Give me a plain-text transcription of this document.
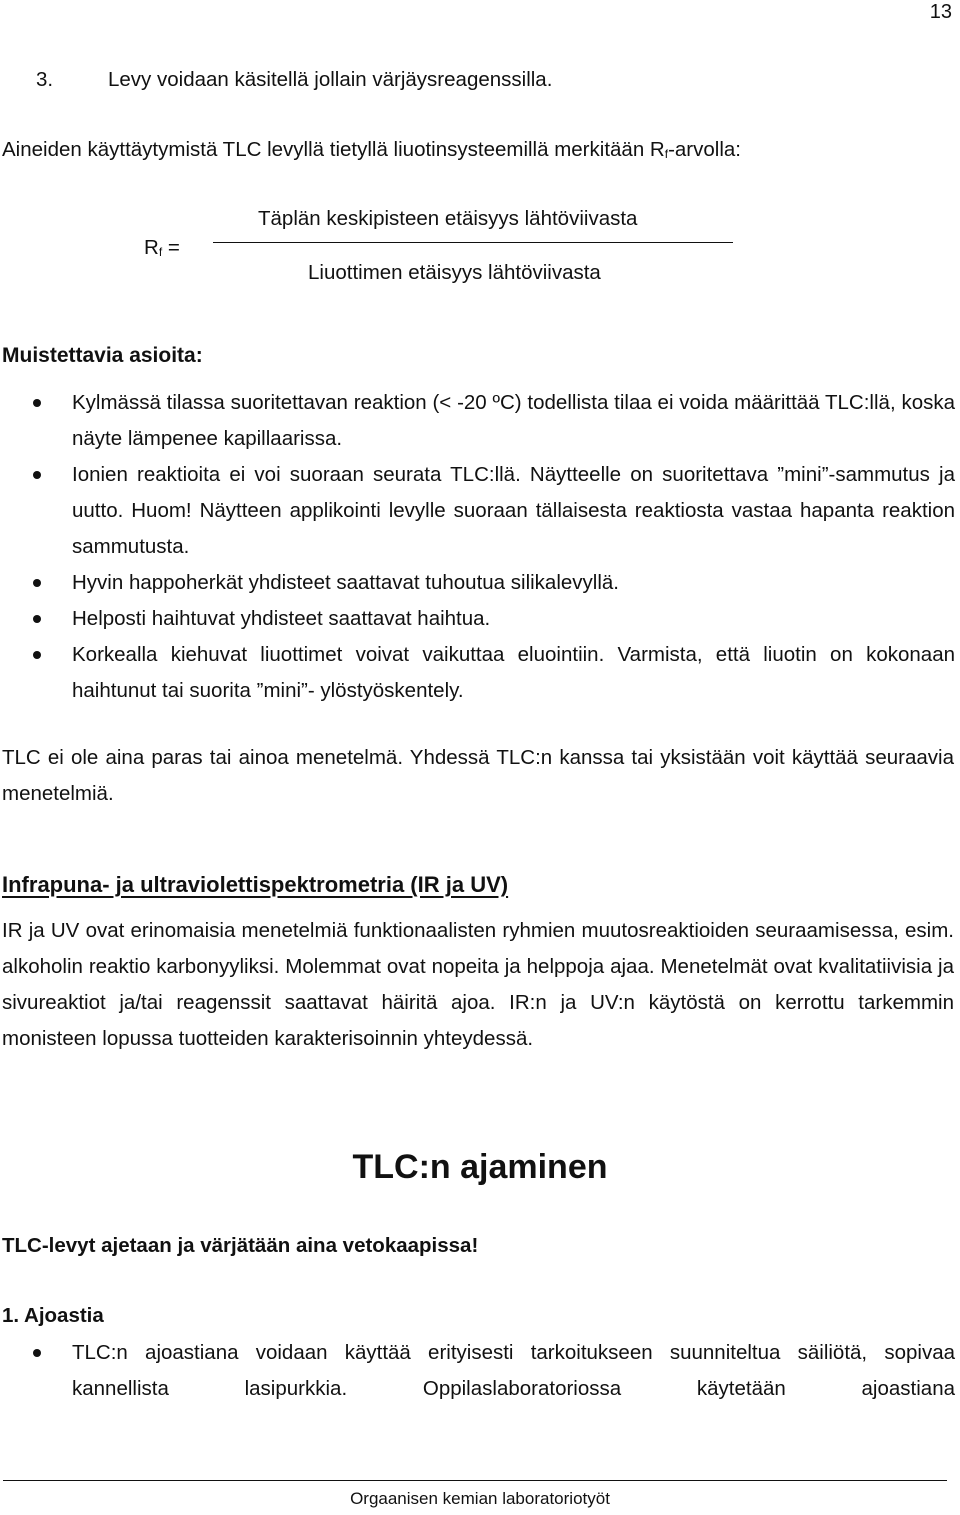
13
3.	Levy voidaan käsitellä jollain värjäysreagenssilla.
Aineiden käyttäytymistä TLC levyllä tietyllä liuotinsysteemillä merkitään $R_f$-arvolla:
$R_f$ =
Täplän keskipisteen etäisyys lähtöviivasta
Liuottimen etäisyys lähtöviivasta
Muistettavia asioita:
Kylmässä tilassa suoritettavan reaktion (< -20 ºC) todellista tilaa ei voida määrittää TLC:llä, koska näyte lämpenee kapillaarissa.
Ionien reaktioita ei voi suoraan seurata TLC:llä. Näytteelle on suoritettava ”mini”-sammutus ja uutto. Huom! Näytteen applikointi levylle suoraan tällaisesta reaktiosta vastaa hapanta reaktion sammutusta.
Hyvin happoherkät yhdisteet saattavat tuhoutua silikalevyllä.
Helposti haihtuvat yhdisteet saattavat haihtua.
Korkealla kiehuvat liuottimet voivat vaikuttaa eluointiin. Varmista, että liuotin on kokonaan haihtunut tai suorita ”mini”- ylöstyöskentely.
TLC ei ole aina paras tai ainoa menetelmä. Yhdessä TLC:n kanssa tai yksistään voit käyttää seuraavia menetelmiä.
Infrapuna- ja ultraviolettispektrometria (IR ja UV)
IR ja UV ovat erinomaisia menetelmiä funktionaalisten ryhmien muutosreaktioiden seuraamisessa, esim. alkoholin reaktio karbonyyliksi. Molemmat ovat nopeita ja helppoja ajaa. Menetelmät ovat kvalitatiivisia ja sivureaktiot ja/tai reagenssit saattavat häiritä ajoa. IR:n ja UV:n käytöstä on kerrottu tarkemmin monisteen lopussa tuotteiden karakterisoinnin yhteydessä.
TLC:n ajaminen
TLC-levyt ajetaan ja värjätään aina vetokaapissa!
1. Ajoastia
TLC:n ajoastiana voidaan käyttää erityisesti tarkoitukseen suunniteltua säiliötä, sopivaa kannellista lasipurkkia. Oppilaslaboratoriossa käytetään ajoastiana
Orgaanisen kemian laboratoriotyöt
